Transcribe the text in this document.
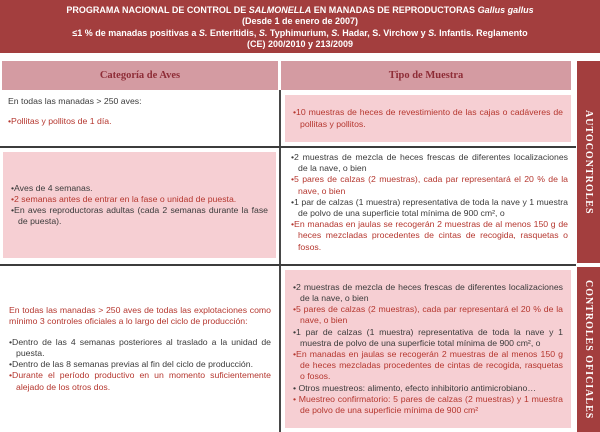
PROGRAMA NACIONAL DE CONTROL DE SALMONELLA EN MANADAS DE REPRODUCTORAS Gallus gallus
(Desde 1 de enero de 2007)
≤1 % de manadas positivas a S. Enteritidis, S. Typhimurium, S. Hadar, S. Virchow y S. Infantis. Reglamento
(CE) 200/2010 y 213/2009
Categoría de Aves	Tipo de Muestra
AUTOCONTROLES
CONTROLES OFICIALES

En todas las manadas > 250 aves:

•Pollitas y pollitos de 1 día.

•10 muestras de heces de revestimiento de las cajas o cadáveres de pollitas y pollitos.

•Aves de 4 semanas.

•2 semanas antes de entrar en la fase o unidad de puesta.

•En aves reproductoras adultas (cada 2 semanas durante la fase de puesta).

•2 muestras de mezcla de heces frescas de diferentes localizaciones de la nave, o bien

•5 pares de calzas (2 muestras), cada par representará el 20 % de la nave, o bien

•1 par de calzas (1 muestra) representativa de toda la nave y 1 muestra de polvo de una superficie total mínima de 900 cm², o

•En manadas en jaulas se recogerán 2 muestras de al menos 150 g de heces mezcladas procedentes de cintas de recogida, rasquetas o fosos.

En todas las manadas > 250 aves de todas las explotaciones como mínimo 3 controles oficiales a lo largo del ciclo de producción:

•Dentro de las 4 semanas posteriores al traslado a la unidad de puesta.

•Dentro de las 8 semanas previas al fin del ciclo de producción.

•Durante el período productivo en un momento suficientemente alejado de los otros dos.

•2 muestras de mezcla de heces frescas de diferentes localizaciones de la nave, o bien

•5 pares de calzas (2 muestras), cada par representará el 20 % de la nave, o bien

•1 par de calzas (1 muestra) representativa de toda la nave y 1 muestra de polvo de una superficie total mínima de 900 cm², o

•En manadas en jaulas se recogerán 2 muestras de al menos 150 g de heces mezcladas procedentes de cintas de recogida, rasquetas o fosos.

• Otros muestreos: alimento, efecto inhibitorio antimicrobiano…

• Muestreo confirmatorio: 5 pares de calzas (2 muestras) y 1 muestra de polvo de una superficie mínima de 900 cm²
